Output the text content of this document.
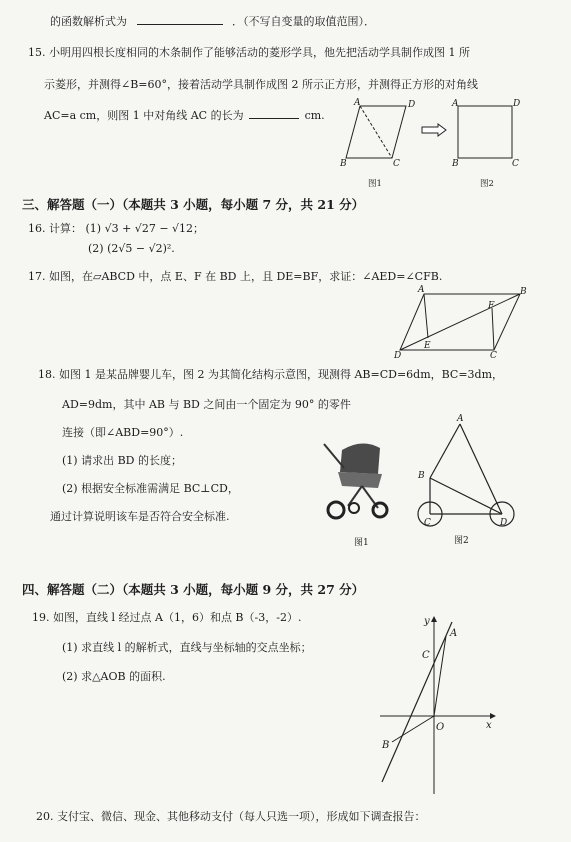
的函数解析式为	．（不写自变量的取值范围）．
15. 小明用四根长度相同的木条制作了能够活动的菱形学具，他先把活动学具制作成图 1 所
示菱形，并测得∠B=60°，接着活动学具制作成图 2 所示正方形，并测得正方形的对角线
AC=a cm，则图 1 中对角线 AC 的长为	cm.
A	D
B	C
图1
A	D
B	C
图2
三、解答题（一）（本题共 3 小题，每小题 7 分，共 21 分）
16. 计算： (1) √3 + √27 − √12；
(2) (2√5 − √2)².
17. 如图，在▱ABCD 中，点 E、F 在 BD 上，且 DE=BF，求证：∠AED=∠CFB.
A	B
F
E
D	C
18. 如图 1 是某品牌婴儿车，图 2 为其简化结构示意图，现测得 AB=CD=6dm，BC=3dm，
AD=9dm，其中 AB 与 BD 之间由一个固定为 90° 的零件
连接（即∠ABD=90°）.
(1) 请求出 BD 的长度；
(2) 根据安全标准需满足 BC⊥CD，
通过计算说明该车是否符合安全标准.
图1
A
B
C	D
图2
四、解答题（二）（本题共 3 小题，每小题 9 分，共 27 分）
19. 如图，直线 l 经过点 A（1，6）和点 B（-3，-2）.
(1) 求直线 l 的解析式，直线与坐标轴的交点坐标；
(2) 求△AOB 的面积.
y
x
O
A
C
B
20. 支付宝、微信、现金、其他移动支付（每人只选一项），形成如下调查报告：
